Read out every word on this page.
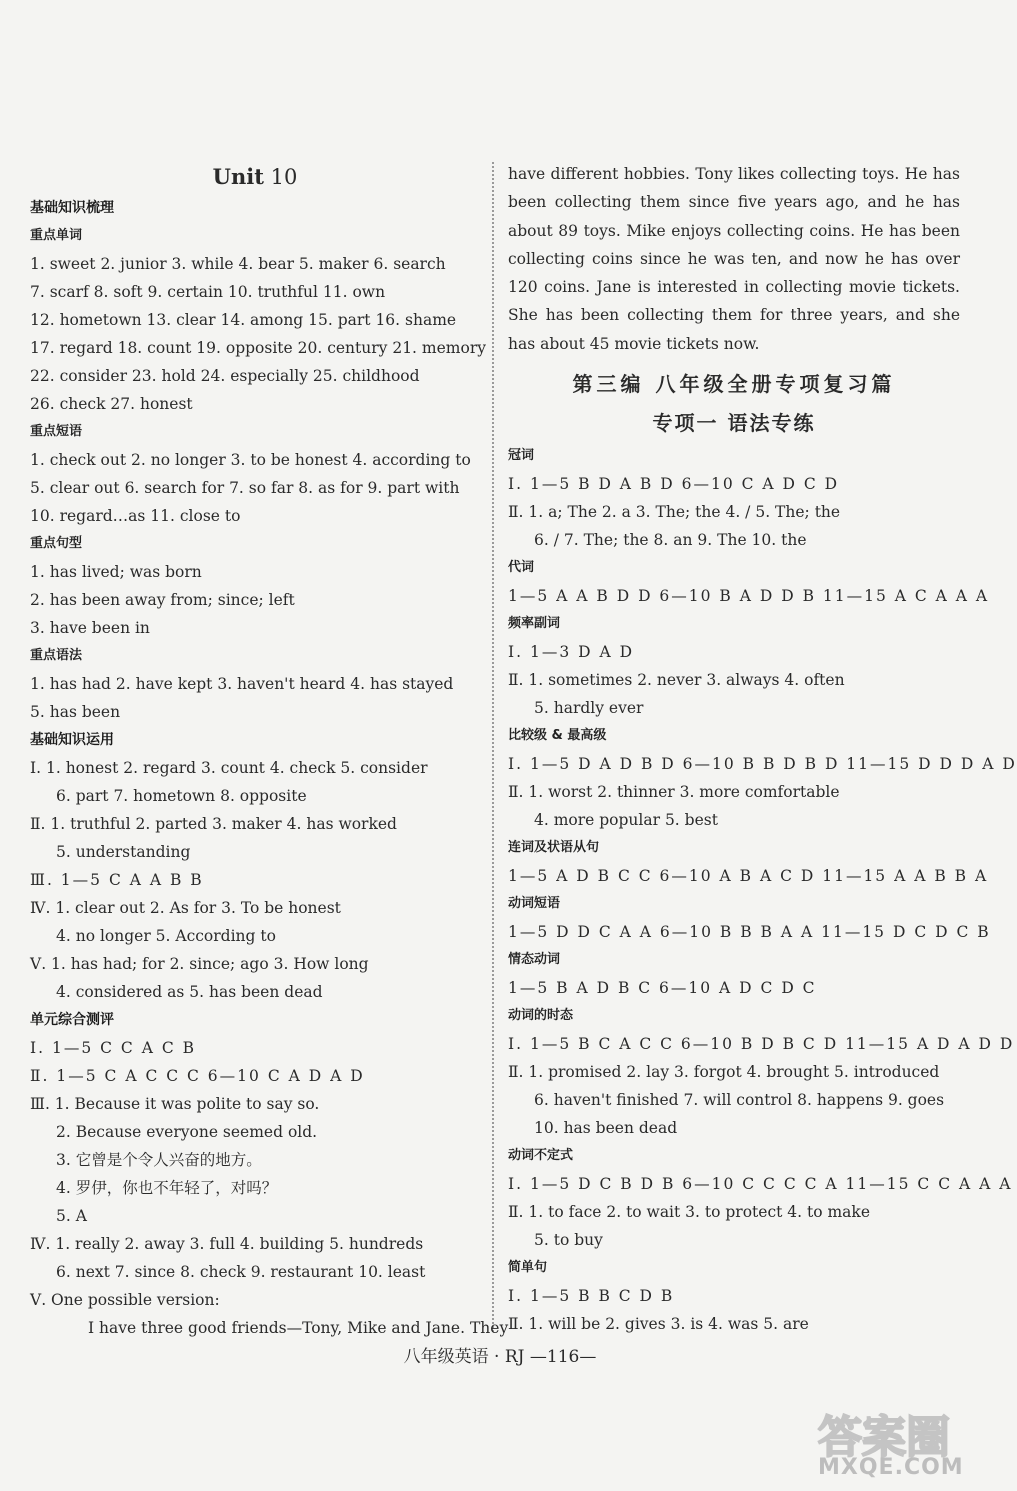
Unit 10
基础知识梳理
重点单词
1. sweet 2. junior 3. while 4. bear 5. maker 6. search
7. scarf 8. soft 9. certain 10. truthful 11. own
12. hometown 13. clear 14. among 15. part 16. shame
17. regard 18. count 19. opposite 20. century 21. memory
22. consider 23. hold 24. especially 25. childhood
26. check 27. honest
重点短语
1. check out 2. no longer 3. to be honest 4. according to
5. clear out 6. search for 7. so far 8. as for 9. part with
10. regard…as 11. close to
重点句型
1. has lived; was born
2. has been away from; since; left
3. have been in
重点语法
1. has had 2. have kept 3. haven't heard 4. has stayed
5. has been
基础知识运用
Ⅰ. 1. honest 2. regard 3. count 4. check 5. consider
6. part 7. hometown 8. opposite
Ⅱ. 1. truthful 2. parted 3. maker 4. has worked
5. understanding
Ⅲ. 1—5 C A A B B
Ⅳ. 1. clear out 2. As for 3. To be honest
4. no longer 5. According to
Ⅴ. 1. has had; for 2. since; ago 3. How long
4. considered as 5. has been dead
单元综合测评
Ⅰ. 1—5 C C A C B
Ⅱ. 1—5 C A C C C 6—10 C A D A D
Ⅲ. 1. Because it was polite to say so.
2. Because everyone seemed old.
3. 它曾是个令人兴奋的地方。
4. 罗伊，你也不年轻了，对吗？
5. A
Ⅳ. 1. really 2. away 3. full 4. building 5. hundreds
6. next 7. since 8. check 9. restaurant 10. least
Ⅴ. One possible version:
I have three good friends—Tony, Mike and Jane. They

have different hobbies. Tony likes collecting toys. He has been collecting them since five years ago, and he has about 89 toys. Mike enjoys collecting coins. He has been collecting coins since he was ten, and now he has over 120 coins. Jane is interested in collecting movie tickets. She has been collecting them for three years, and she has about 45 movie tickets now.

第三编 八年级全册专项复习篇
专项一 语法专练
冠词
Ⅰ. 1—5 B D A B D 6—10 C A D C D
Ⅱ. 1. a; The 2. a 3. The; the 4. / 5. The; the
6. / 7. The; the 8. an 9. The 10. the
代词
1—5 A A B D D 6—10 B A D D B 11—15 A C A A A
频率副词
Ⅰ. 1—3 D A D
Ⅱ. 1. sometimes 2. never 3. always 4. often
5. hardly ever
比较级 & 最高级
Ⅰ. 1—5 D A D B D 6—10 B B D B D 11—15 D D D A D
Ⅱ. 1. worst 2. thinner 3. more comfortable
4. more popular 5. best
连词及状语从句
1—5 A D B C C 6—10 A B A C D 11—15 A A B B A
动词短语
1—5 D D C A A 6—10 B B B A A 11—15 D C D C B
情态动词
1—5 B A D B C 6—10 A D C D C
动词的时态
Ⅰ. 1—5 B C A C C 6—10 B D B C D 11—15 A D A D D
Ⅱ. 1. promised 2. lay 3. forgot 4. brought 5. introduced
6. haven't finished 7. will control 8. happens 9. goes
10. has been dead
动词不定式
Ⅰ. 1—5 D C B D B 6—10 C C C C A 11—15 C C A A A
Ⅱ. 1. to face 2. to wait 3. to protect 4. to make
5. to buy
简单句
Ⅰ. 1—5 B B C D B
Ⅱ. 1. will be 2. gives 3. is 4. was 5. are
八年级英语 · RJ —116—
答案圈
MXQE.COM
